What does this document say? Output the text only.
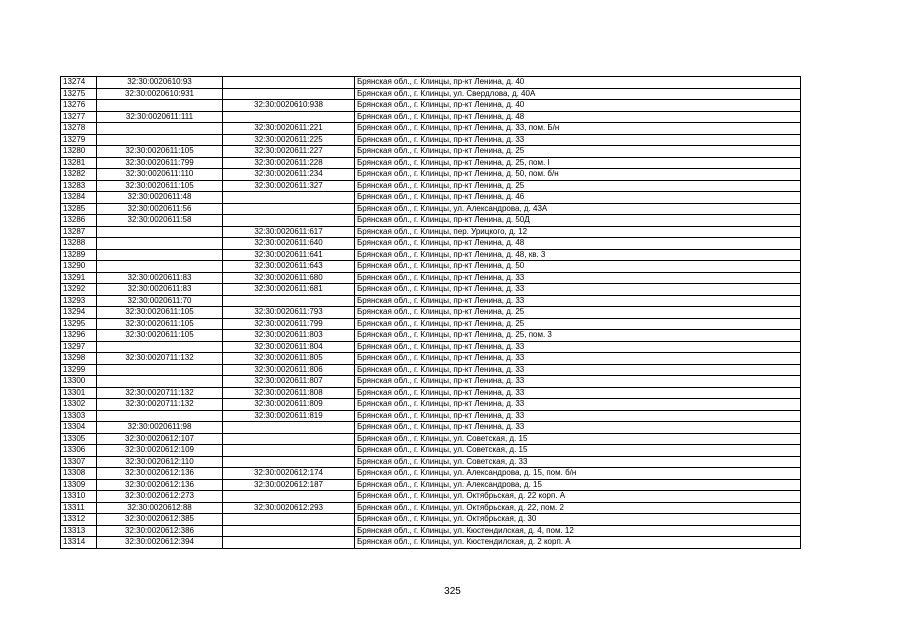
13274	32:30:0020610:93		Брянская обл., г. Клинцы, пр-кт Ленина, д. 40
13275	32:30:0020610:931		Брянская обл., г. Клинцы, ул. Свердлова, д. 40А
13276		32:30:0020610:938	Брянская обл., г. Клинцы, пр-кт Ленина, д. 40
13277	32:30:0020611:111		Брянская обл., г. Клинцы, пр-кт Ленина, д. 48
13278		32:30:0020611:221	Брянская обл., г. Клинцы, пр-кт Ленина, д. 33, пом. Б/н
13279		32:30:0020611:225	Брянская обл., г. Клинцы, пр-кт Ленина, д. 33
13280	32:30:0020611:105	32:30:0020611:227	Брянская обл., г. Клинцы, пр-кт Ленина, д. 25
13281	32:30:0020611:799	32:30:0020611:228	Брянская обл., г. Клинцы, пр-кт Ленина, д. 25, пом. I
13282	32:30:0020611:110	32:30:0020611:234	Брянская обл., г. Клинцы, пр-кт Ленина, д. 50, пом. б/н
13283	32:30:0020611:105	32:30:0020611:327	Брянская обл., г. Клинцы, пр-кт Ленина, д. 25
13284	32:30:0020611:48		Брянская обл., г. Клинцы, пр-кт Ленина, д. 46
13285	32:30:0020611:56		Брянская обл., г. Клинцы, ул. Александрова, д. 43А
13286	32:30:0020611:58		Брянская обл., г. Клинцы, пр-кт Ленина, д. 50Д
13287		32:30:0020611:617	Брянская обл., г. Клинцы, пер. Урицкого, д. 12
13288		32:30:0020611:640	Брянская обл., г. Клинцы, пр-кт Ленина, д. 48
13289		32:30:0020611:641	Брянская обл., г. Клинцы, пр-кт Ленина, д. 48, кв. 3
13290		32:30:0020611:643	Брянская обл., г. Клинцы, пр-кт Ленина, д. 50
13291	32:30:0020611:83	32:30:0020611:680	Брянская обл., г. Клинцы, пр-кт Ленина, д. 33
13292	32:30:0020611:83	32:30:0020611:681	Брянская обл., г. Клинцы, пр-кт Ленина, д. 33
13293	32:30:0020611:70		Брянская обл., г. Клинцы, пр-кт Ленина, д. 33
13294	32:30:0020611:105	32:30:0020611:793	Брянская обл., г. Клинцы, пр-кт Ленина, д. 25
13295	32:30:0020611:105	32:30:0020611:799	Брянская обл., г. Клинцы, пр-кт Ленина, д. 25
13296	32:30:0020611:105	32:30:0020611:803	Брянская обл., г. Клинцы, пр-кт Ленина, д. 25, пом. 3
13297		32:30:0020611:804	Брянская обл., г. Клинцы, пр-кт Ленина, д. 33
13298	32:30:0020711:132	32:30:0020611:805	Брянская обл., г. Клинцы, пр-кт Ленина, д. 33
13299		32:30:0020611:806	Брянская обл., г. Клинцы, пр-кт Ленина, д. 33
13300		32:30:0020611:807	Брянская обл., г. Клинцы, пр-кт Ленина, д. 33
13301	32:30:0020711:132	32:30:0020611:808	Брянская обл., г. Клинцы, пр-кт Ленина, д. 33
13302	32:30:0020711:132	32:30:0020611:809	Брянская обл., г. Клинцы, пр-кт Ленина, д. 33
13303		32:30:0020611:819	Брянская обл., г. Клинцы, пр-кт Ленина, д. 33
13304	32:30:0020611:98		Брянская обл., г. Клинцы, пр-кт Ленина, д. 33
13305	32:30:0020612:107		Брянская обл., г. Клинцы, ул. Советская, д. 15
13306	32:30:0020612:109		Брянская обл., г. Клинцы, ул. Советская, д. 15
13307	32:30:0020612:110		Брянская обл., г. Клинцы, ул. Советская, д. 33
13308	32:30:0020612:136	32:30:0020612:174	Брянская обл., г. Клинцы, ул. Александрова, д. 15, пом. б/н
13309	32:30:0020612:136	32:30:0020612:187	Брянская обл., г. Клинцы, ул. Александрова, д. 15
13310	32:30:0020612:273		Брянская обл., г. Клинцы, ул. Октябрьская, д. 22 корп. А
13311	32:30:0020612:88	32:30:0020612:293	Брянская обл., г. Клинцы, ул. Октябрьская, д. 22, пом. 2
13312	32:30:0020612:385		Брянская обл., г. Клинцы, ул. Октябрьская, д. 30
13313	32:30:0020612:386		Брянская обл., г. Клинцы, ул. Кюстендилская, д. 4, пом. 12
13314	32:30:0020612:394		Брянская обл., г. Клинцы, ул. Кюстендилская, д. 2 корп. А
325
